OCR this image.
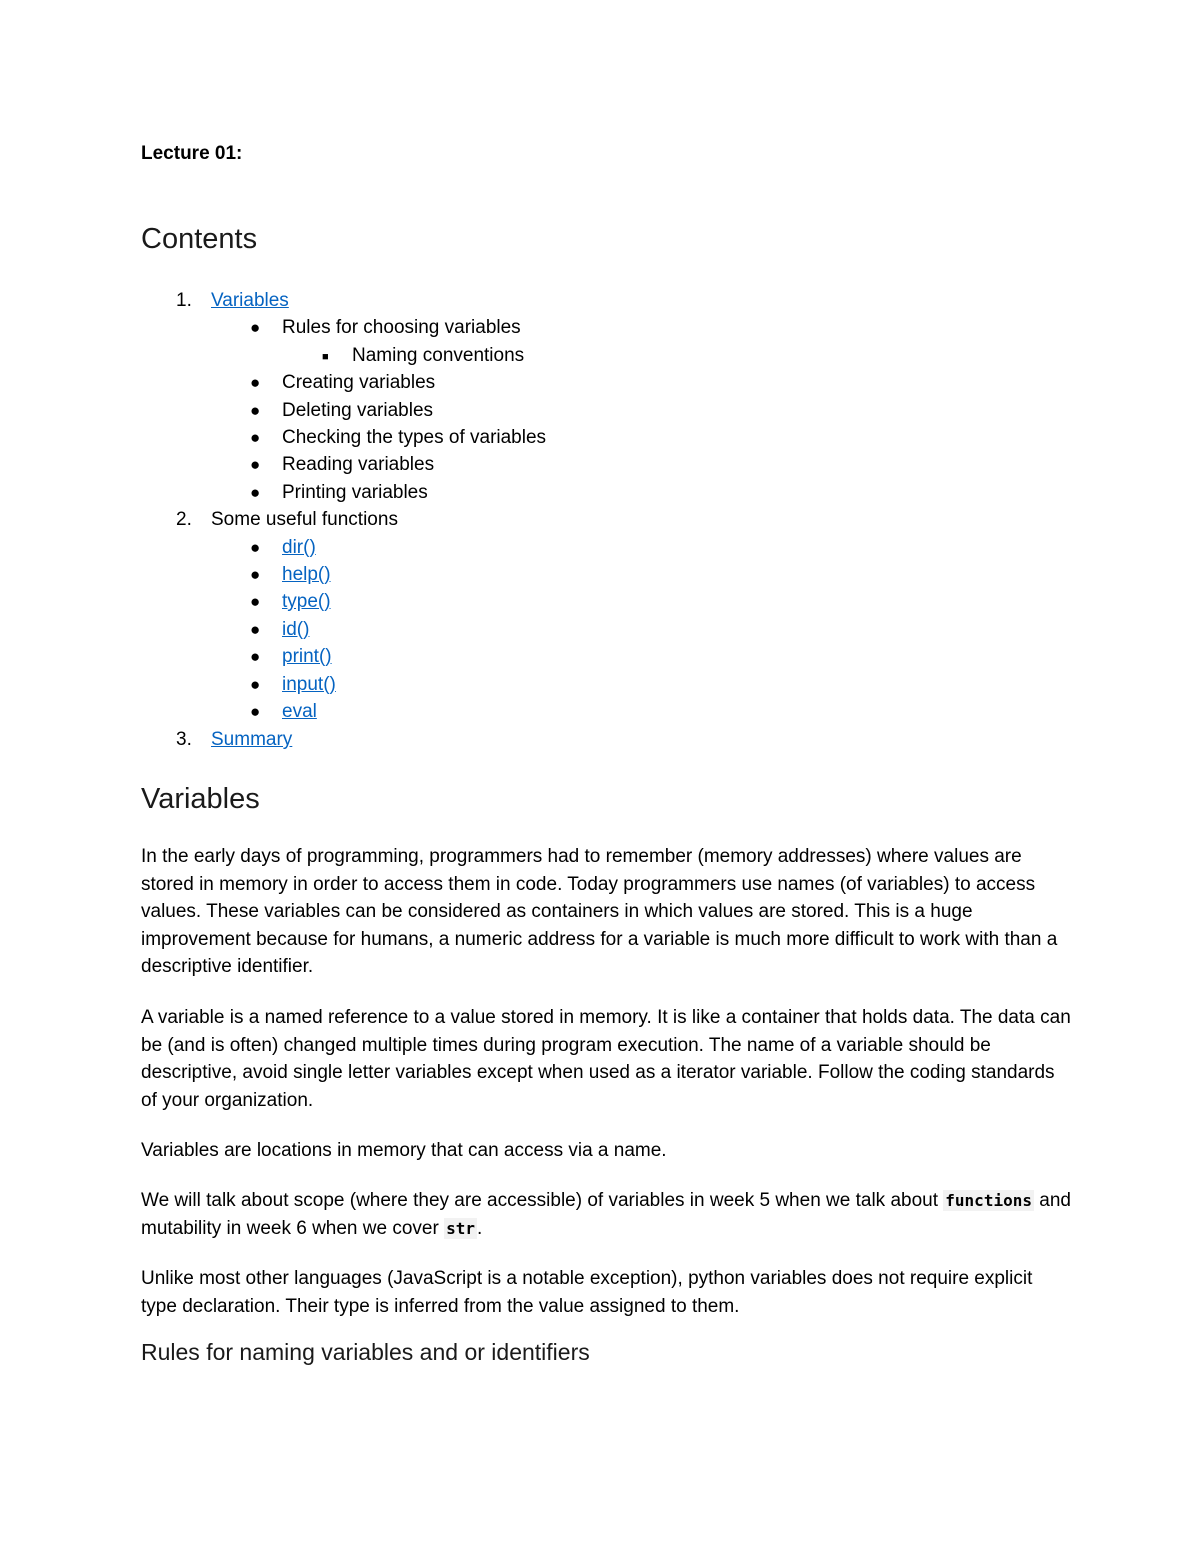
Lecture 01:

Contents
1. Variables
● Rules for choosing variables
■ Naming conventions
● Creating variables
● Deleting variables
● Checking the types of variables
● Reading variables
● Printing variables
2. Some useful functions
● dir()
● help()
● type()
● id()
● print()
● input()
● eval
3. Summary
Variables

In the early days of programming, programmers had to remember (memory addresses) where values are stored in memory in order to access them in code. Today programmers use names (of variables) to access values. These variables can be considered as containers in which values are stored. This is a huge improvement because for humans, a numeric address for a variable is much more difficult to work with than a descriptive identifier.

A variable is a named reference to a value stored in memory. It is like a container that holds data. The data can be (and is often) changed multiple times during program execution. The name of a variable should be descriptive, avoid single letter variables except when used as a iterator variable. Follow the coding standards of your organization.

Variables are locations in memory that can access via a name.

We will talk about scope (where they are accessible) of variables in week 5 when we talk about functions and mutability in week 6 when we cover str .

Unlike most other languages (JavaScript is a notable exception), python variables does not require explicit type declaration. Their type is inferred from the value assigned to them.

Rules for naming variables and or identifiers
